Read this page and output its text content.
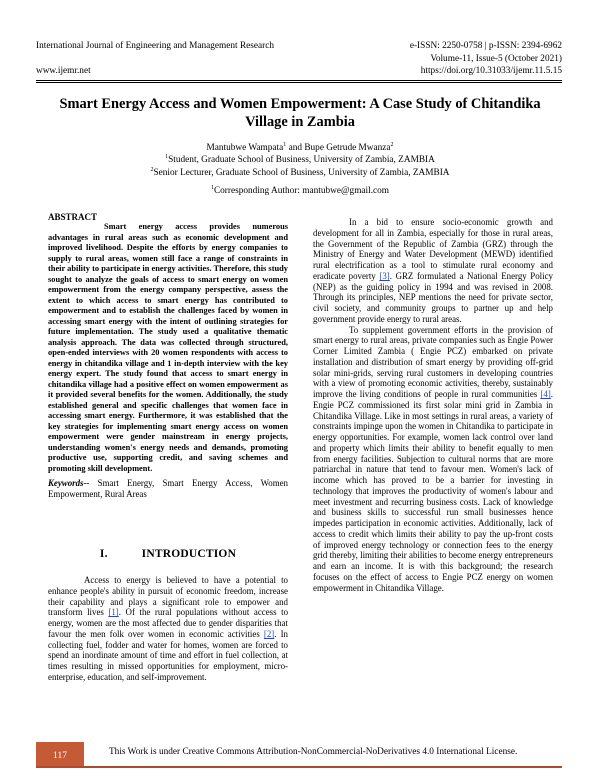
International Journal of Engineering and Management Research	e-ISSN: 2250-0758 | p-ISSN: 2394-6962
Volume-11, Issue-5 (October 2021)
www.ijemr.net	https://doi.org/10.31033/ijemr.11.5.15
Smart Energy Access and Women Empowerment: A Case Study of Chitandika Village in Zambia
Mantubwe Wampata$^1$ and Bupe Getrude Mwanza$^2$
$^1$Student, Graduate School of Business, University of Zambia, ZAMBIA
$^2$Senior Lecturer, Graduate School of Business, University of Zambia, ZAMBIA
$^1$Corresponding Author: mantubwe@gmail.com
ABSTRACT
Smart energy access provides numerous advantages in rural areas such as economic development and improved livelihood. Despite the efforts by energy companies to supply to rural areas, women still face a range of constraints in their ability to participate in energy activities. Therefore, this study sought to analyze the goals of access to smart energy on women empowerment from the energy company perspective, assess the extent to which access to smart energy has contributed to empowerment and to establish the challenges faced by women in accessing smart energy with the intent of outlining strategies for future implementation. The study used a qualitative thematic analysis approach. The data was collected through structured, open-ended interviews with 20 women respondents with access to energy in chitandika village and 1 in-depth interview with the key energy expert. The study found that access to smart energy in chitandika village had a positive effect on women empowerment as it provided several benefits for the women. Additionally, the study established general and specific challenges that women face in accessing smart energy. Furthermore, it was established that the key strategies for implementing smart energy access on women empowerment were gender mainstream in energy projects, understanding women's energy needs and demands, promoting productive use, supporting credit, and saving schemes and promoting skill development.
Keywords-- Smart Energy, Smart Energy Access, Women Empowerment, Rural Areas
I.	INTRODUCTION

Access to energy is believed to have a potential to enhance people's ability in pursuit of economic freedom, increase their capability and plays a significant role to empower and transform lives [1]. Of the rural populations without access to energy, women are the most affected due to gender disparities that favour the men folk over women in economic activities [2]. In collecting fuel, fodder and water for homes, women are forced to spend an inordinate amount of time and effort in fuel collection, at times resulting in missed opportunities for employment, micro-enterprise, education, and self-improvement.

In a bid to ensure socio-economic growth and development for all in Zambia, especially for those in rural areas, the Government of the Republic of Zambia (GRZ) through the Ministry of Energy and Water Development (MEWD) identified rural electrification as a tool to stimulate rural economy and eradicate poverty [3]. GRZ formulated a National Energy Policy (NEP) as the guiding policy in 1994 and was revised in 2008. Through its principles, NEP mentions the need for private sector, civil society, and community groups to partner up and help government provide energy to rural areas.

To supplement government efforts in the provision of smart energy to rural areas, private companies such as Engie Power Corner Limited Zambia ( Engie PCZ) embarked on private installation and distribution of smart energy by providing off-grid solar mini-grids, serving rural customers in developing countries with a view of promoting economic activities, thereby, sustainably improve the living conditions of people in rural communities [4]. Engie PCZ commissioned its first solar mini grid in Zambia in Chitandika Village. Like in most settings in rural areas, a variety of constraints impinge upon the women in Chitandika to participate in energy opportunities. For example, women lack control over land and property which limits their ability to benefit equally to men from energy facilities. Subjection to cultural norms that are more patriarchal in nature that tend to favour men. Women's lack of income which has proved to be a barrier for investing in technology that improves the productivity of women's labour and meet investment and recurring business costs. Lack of knowledge and business skills to successful run small businesses hence impedes participation in economic activities. Additionally, lack of access to credit which limits their ability to pay the up-front costs of improved energy technology or connection fees to the energy grid thereby, limiting their abilities to become energy entrepreneurs and earn an income. It is with this background; the research focuses on the effect of access to Engie PCZ energy on women empowerment in Chitandika Village.

117	This Work is under Creative Commons Attribution-NonCommercial-NoDerivatives 4.0 International License.
